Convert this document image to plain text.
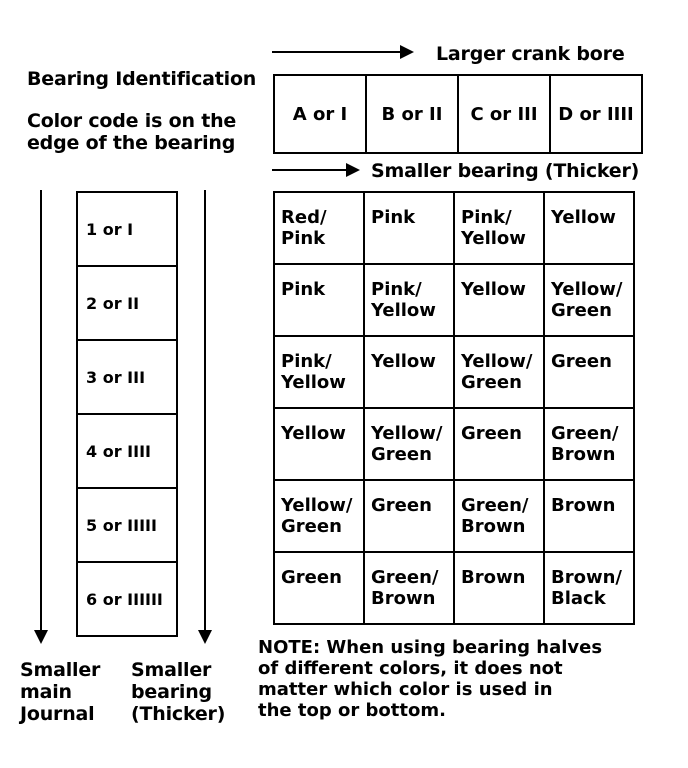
Bearing Identification
Color code is on the edge of the bearing
Larger crank bore
A or I	B or II	C or III	D or IIII
Smaller bearing (Thicker)
1 or I
2 or II
3 or III
4 or IIII
5 or IIIII
6 or IIIIII
Red/ Pink	Pink	Pink/ Yellow	Yellow
Pink	Pink/ Yellow	Yellow	Yellow/ Green
Pink/ Yellow	Yellow	Yellow/ Green	Green
Yellow	Yellow/ Green	Green	Green/ Brown
Yellow/ Green	Green	Green/ Brown	Brown
Green	Green/ Brown	Brown	Brown/ Black
Smaller
main
Journal
Smaller
bearing
(Thicker)
NOTE: When using bearing halves
of different colors, it does not
matter which color is used in
the top or bottom.
